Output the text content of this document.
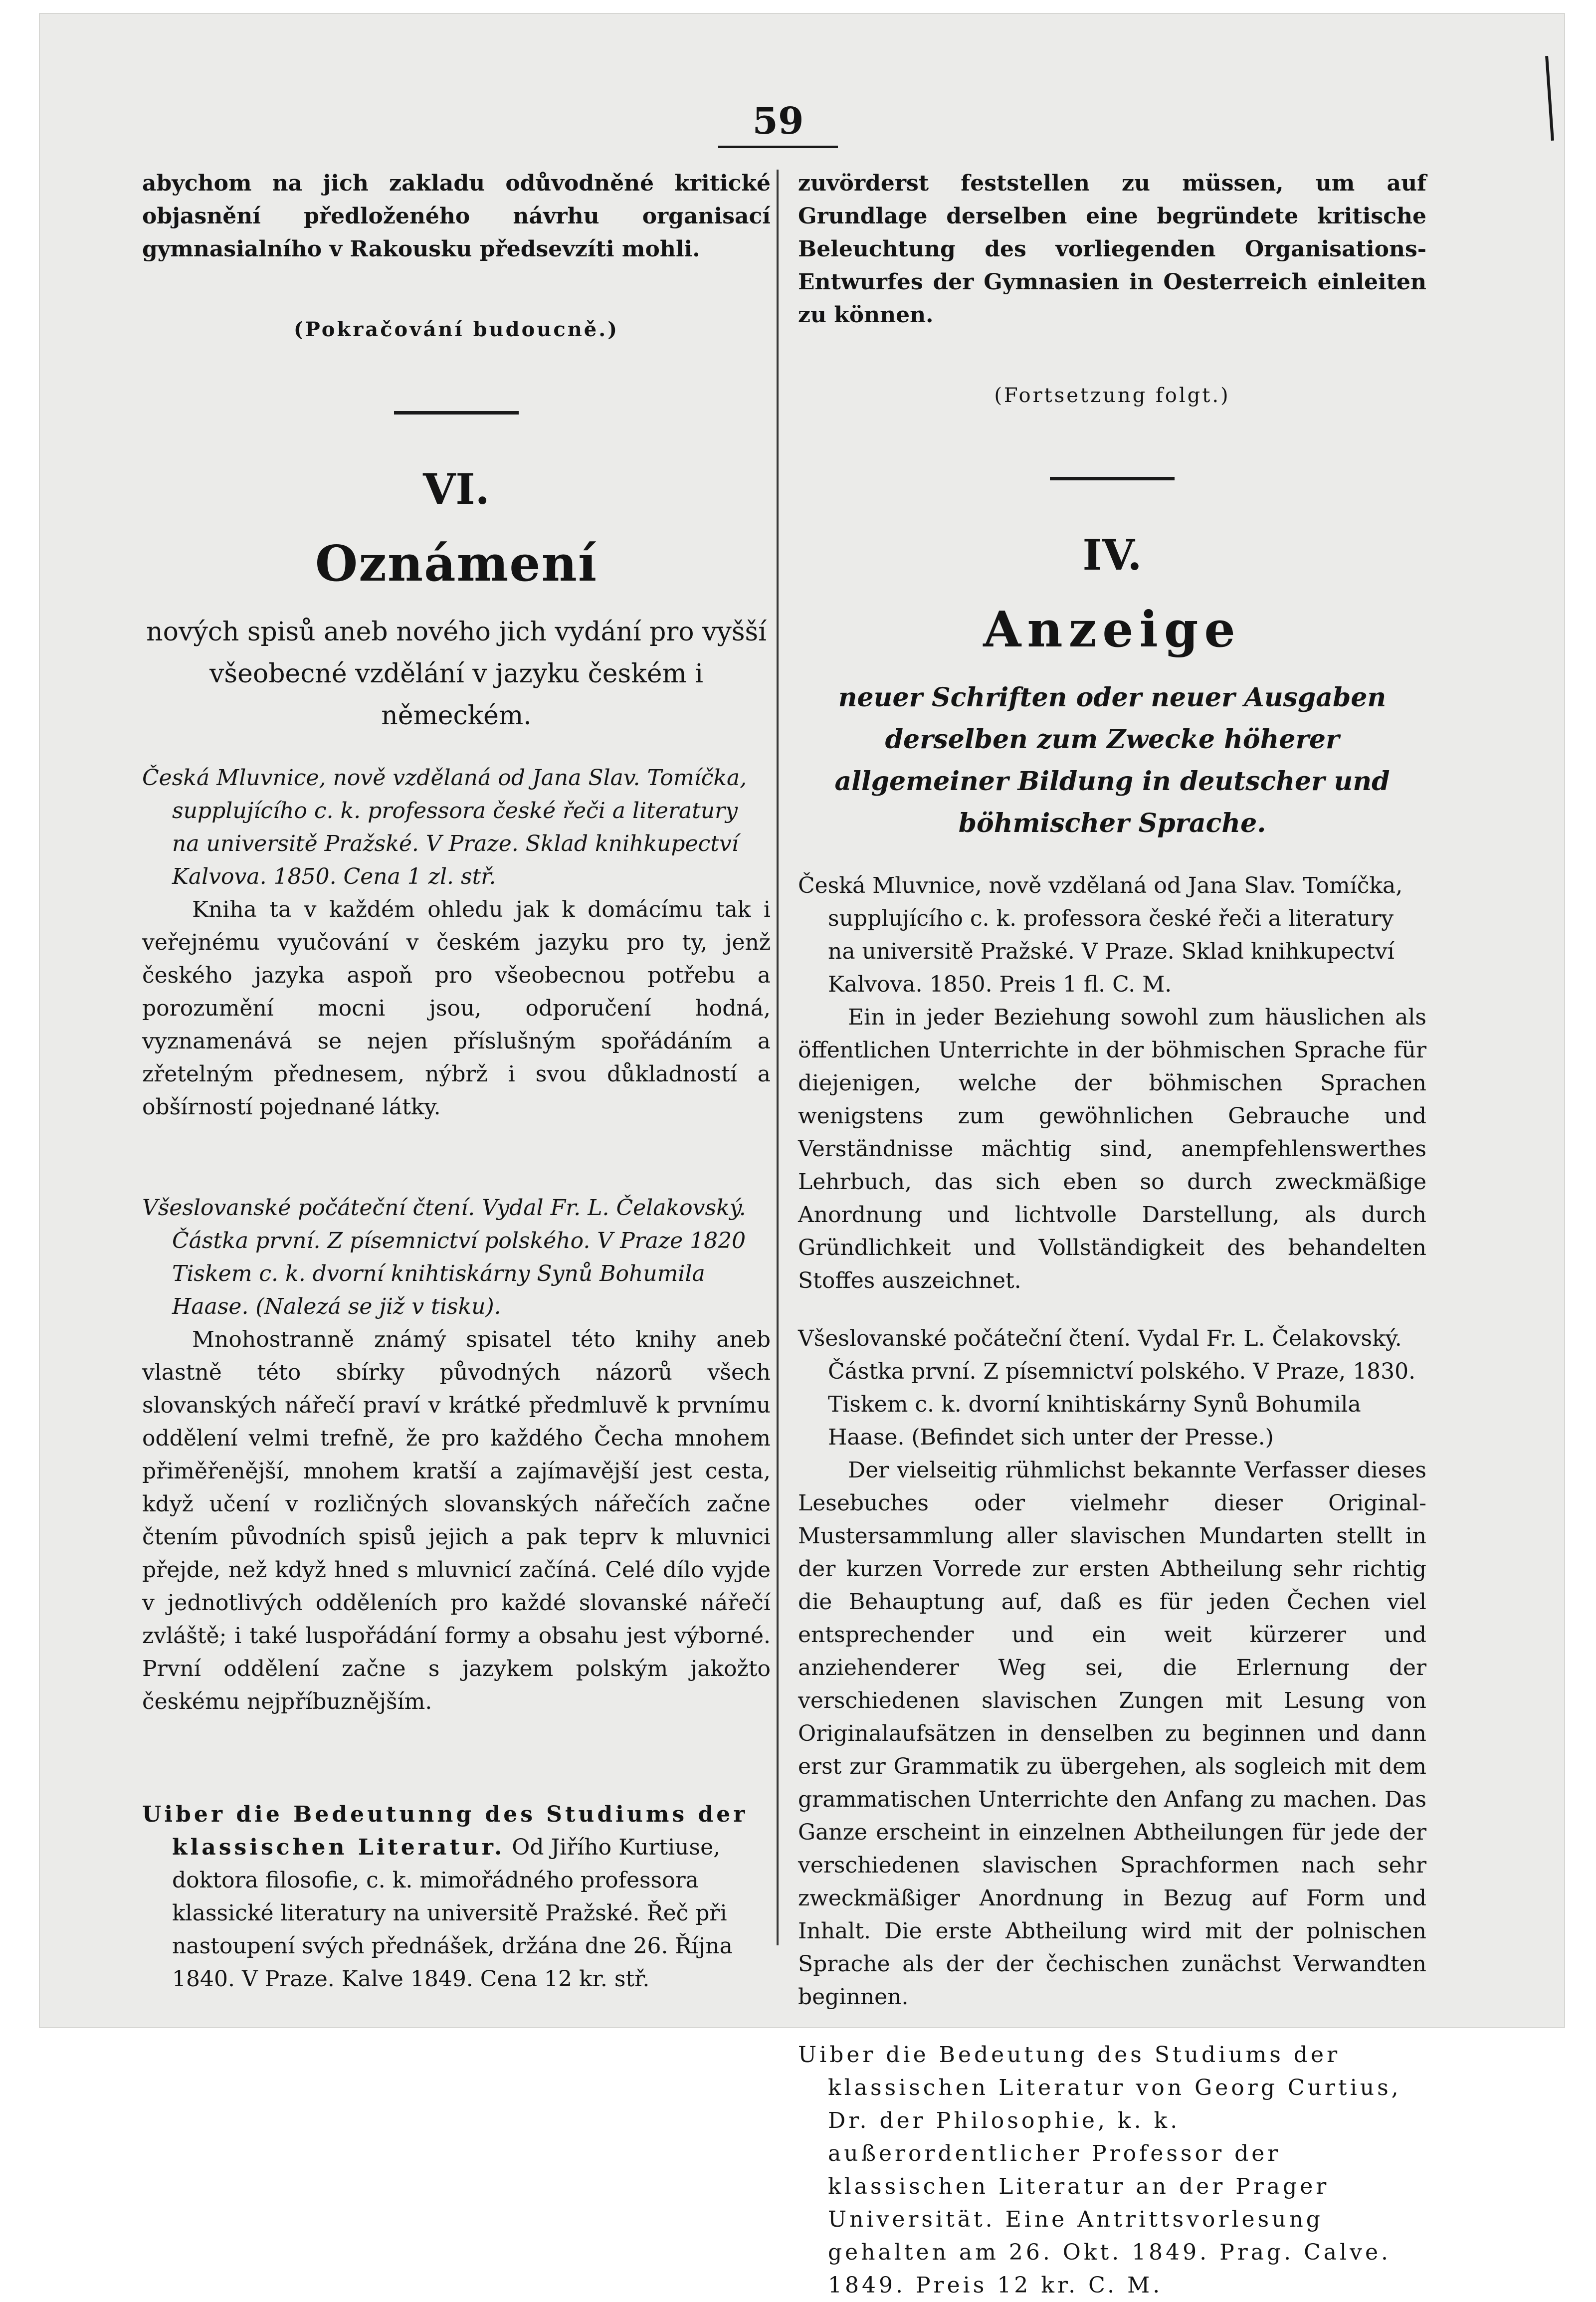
59

abychom na jich zakladu odůvodněné kritické objasnění předloženého návrhu organisací gymnasialního v Rakousku předsevzíti mohli.

(Pokračování budoucně.)

VI.
Oznámení

nových spisů aneb nového jich vydání pro vyšší všeobecné vzdělání v jazyku českém i německém.

Česká Mluvnice, nově vzdělaná od Jana Slav. Tomíčka, supplujícího c. k. professora české řeči a literatury na universitě Pražské. V Praze. Sklad knihkupectví Kalvova. 1850. Cena 1 zl. stř.

Kniha ta v každém ohledu jak k domácímu tak i veřejnému vyučování v českém jazyku pro ty, jenž českého jazyka aspoň pro všeobecnou potřebu a porozumění mocni jsou, odporučení hodná, vyznamenává se nejen příslušným spořádáním a zřetelným přednesem, nýbrž i svou důkladností a obšírností pojednané látky.

Všeslovanské počáteční čtení. Vydal Fr. L. Čelakovský. Částka první. Z písemnictví polského. V Praze 1820 Tiskem c. k. dvorní knihtiskárny Synů Bohumila Haase. (Nalezá se již v tisku).

Mnohostranně známý spisatel této knihy aneb vlastně této sbírky původných názorů všech slovanských nářečí praví v krátké předmluvě k prvnímu oddělení velmi trefně, že pro každého Čecha mnohem přiměřenější, mnohem kratší a zajímavější jest cesta, když učení v rozličných slovanských nářečích začne čtením původních spisů jejich a pak teprv k mluvnici přejde, než když hned s mluvnicí začíná. Celé dílo vyjde v jednotlivých odděleních pro každé slovanské nářečí zvláště; i také luspořádání formy a obsahu jest výborné. První oddělení začne s jazykem polským jakožto českému nejpříbuznějším.

Uiber die Bedeutunng des Studiums der klassischen Literatur. Od Jiřího Kurtiuse, doktora filosofie, c. k. mimořádného professora klassické literatury na universitě Pražské. Řeč při nastoupení svých přednášek, držána dne 26. Října 1840. V Praze. Kalve 1849. Cena 12 kr. stř.

zuvörderst feststellen zu müssen, um auf Grundlage derselben eine begründete kritische Beleuchtung des vorliegenden Organisations-Entwurfes der Gymnasien in Oesterreich einleiten zu können.

(Fortsetzung folgt.)

IV.
Anzeige

neuer Schriften oder neuer Ausgaben derselben zum Zwecke höherer allgemeiner Bildung in deutscher und böhmischer Sprache.

Česká Mluvnice, nově vzdělaná od Jana Slav. Tomíčka, supplujícího c. k. professora české řeči a literatury na universitě Pražské. V Praze. Sklad knihkupectví Kalvova. 1850. Preis 1 fl. C. M.

Ein in jeder Beziehung sowohl zum häuslichen als öffentlichen Unterrichte in der böhmischen Sprache für diejenigen, welche der böhmischen Sprachen wenigstens zum gewöhnlichen Gebrauche und Verständnisse mächtig sind, anempfehlenswerthes Lehrbuch, das sich eben so durch zweckmäßige Anordnung und lichtvolle Darstellung, als durch Gründlichkeit und Vollständigkeit des behandelten Stoffes auszeichnet.

Všeslovanské počáteční čtení. Vydal Fr. L. Čelakovský. Částka první. Z písemnictví polského. V Praze, 1830. Tiskem c. k. dvorní knihtiskárny Synů Bohumila Haase. (Befindet sich unter der Presse.)

Der vielseitig rühmlichst bekannte Verfasser dieses Lesebuches oder vielmehr dieser Original-Mustersammlung aller slavischen Mundarten stellt in der kurzen Vorrede zur ersten Abtheilung sehr richtig die Behauptung auf, daß es für jeden Čechen viel entsprechender und ein weit kürzerer und anziehenderer Weg sei, die Erlernung der verschiedenen slavischen Zungen mit Lesung von Originalaufsätzen in denselben zu beginnen und dann erst zur Grammatik zu übergehen, als sogleich mit dem grammatischen Unterrichte den Anfang zu machen. Das Ganze erscheint in einzelnen Abtheilungen für jede der verschiedenen slavischen Sprachformen nach sehr zweckmäßiger Anordnung in Bezug auf Form und Inhalt. Die erste Abtheilung wird mit der polnischen Sprache als der der čechischen zunächst Verwandten beginnen.

Uiber die Bedeutung des Studiums der klassischen Literatur von Georg Curtius, Dr. der Philosophie, k. k. außerordentlicher Professor der klassischen Literatur an der Prager Universität. Eine Antrittsvorlesung gehalten am 26. Okt. 1849. Prag. Calve. 1849. Preis 12 kr. C. M.
